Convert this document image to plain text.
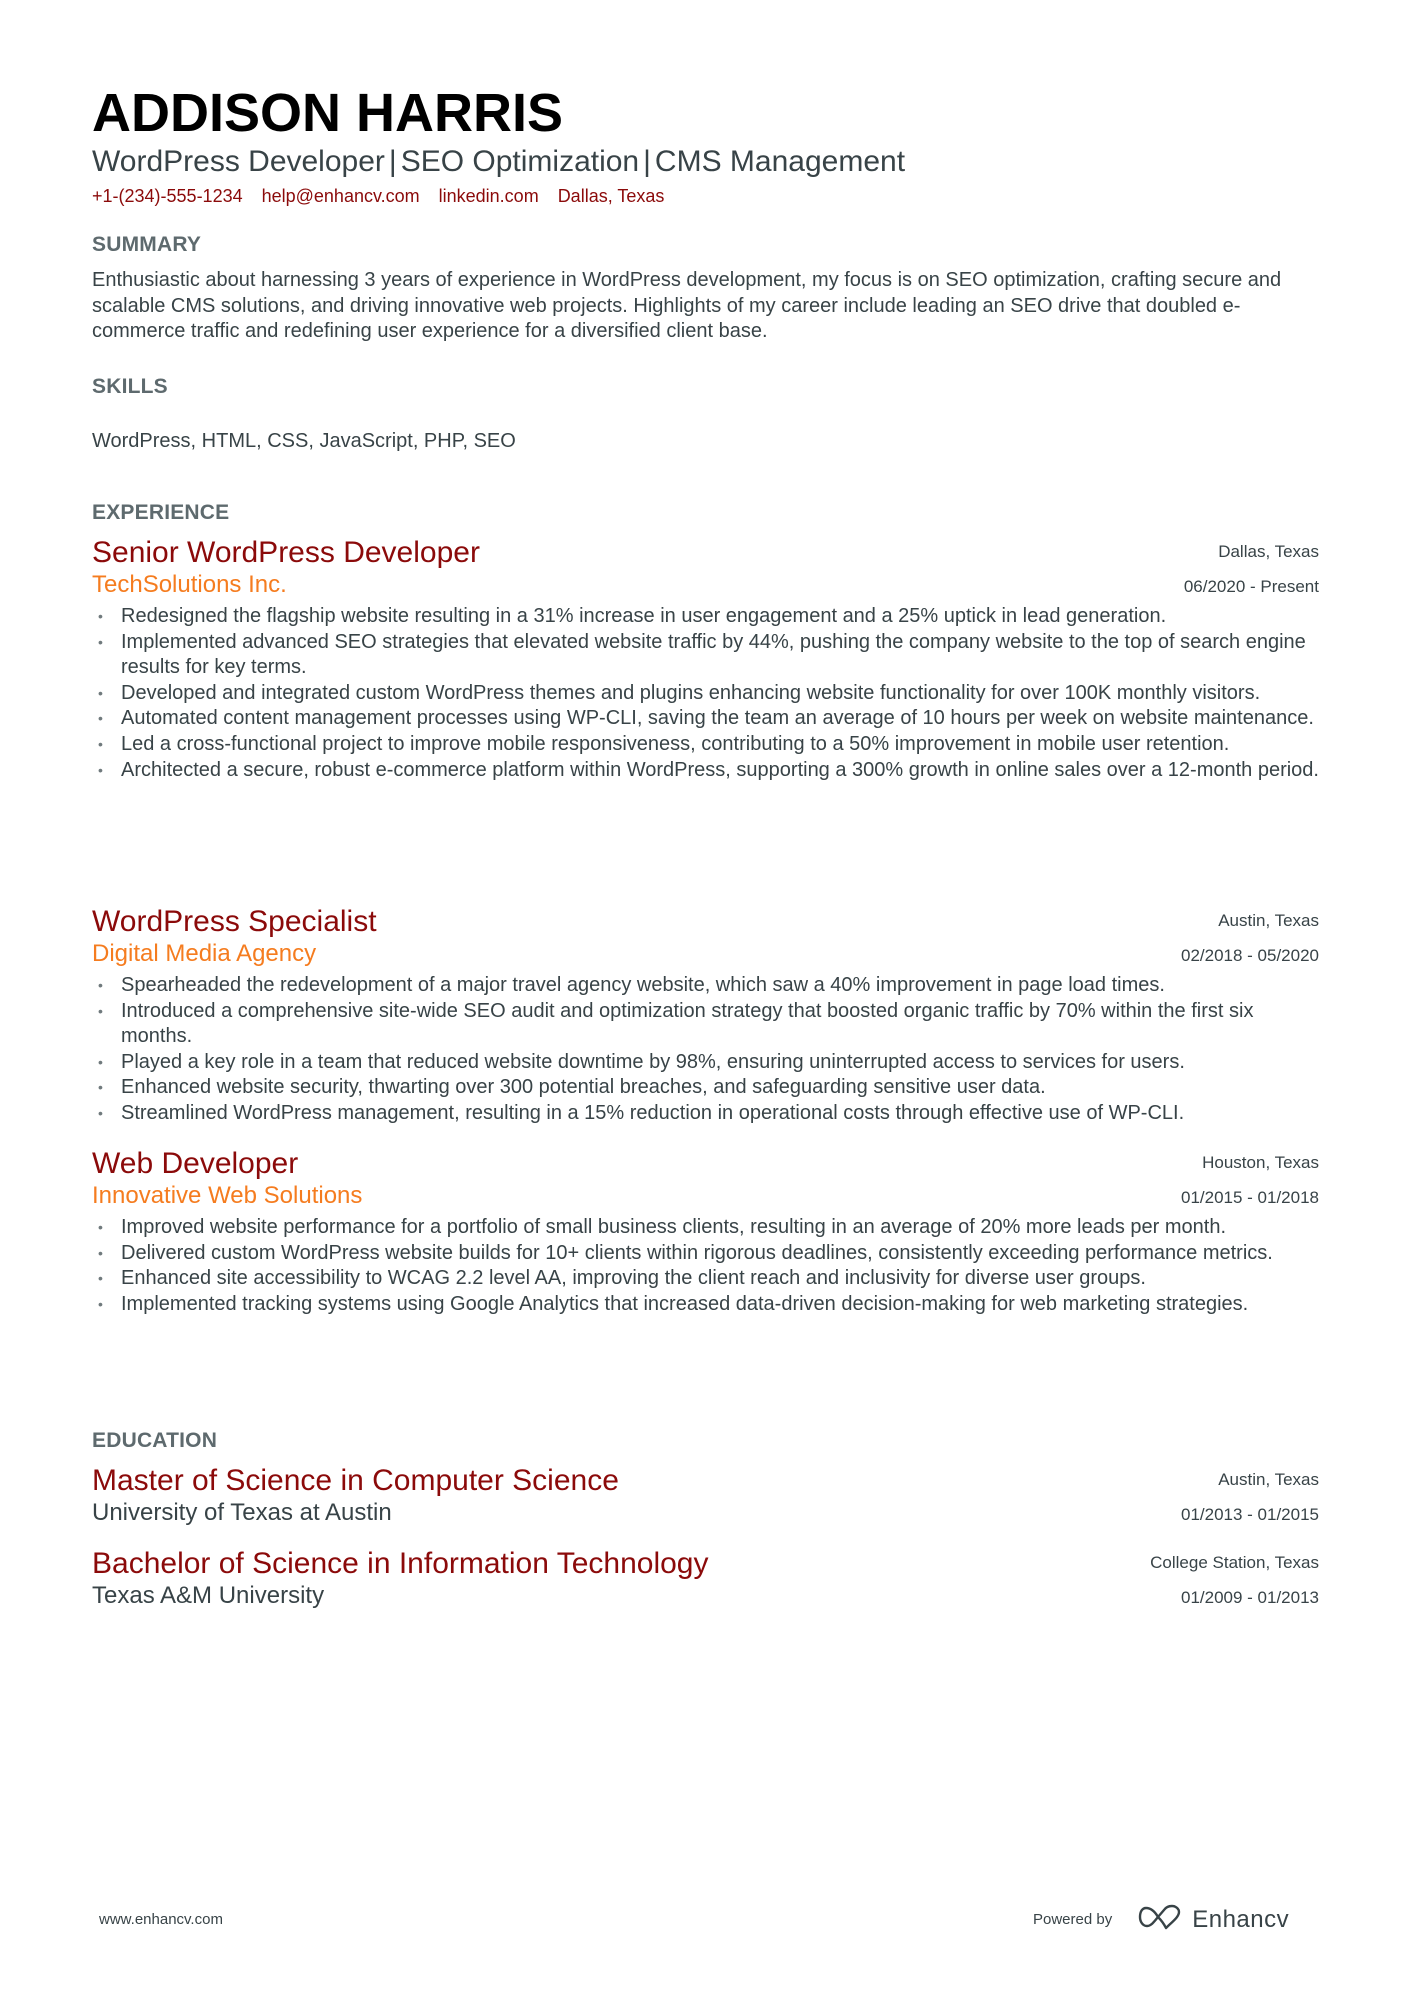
ADDISON HARRIS
WordPress Developer | SEO Optimization | CMS Management
+1-(234)-555-1234 help@enhancv.com linkedin.com Dallas, Texas
SUMMARY

Enthusiastic about harnessing 3 years of experience in WordPress development, my focus is on SEO optimization, crafting secure and scalable CMS solutions, and driving innovative web projects. Highlights of my career include leading an SEO drive that doubled e-commerce traffic and redefining user experience for a diversified client base.

SKILLS
WordPress, HTML, CSS, JavaScript, PHP, SEO
EXPERIENCE
Senior WordPress Developer
TechSolutions Inc.
Dallas, Texas
06/2020 - Present
• Redesigned the flagship website resulting in a 31% increase in user engagement and a 25% uptick in lead generation.
• Implemented advanced SEO strategies that elevated website traffic by 44%, pushing the company website to the top of search engine results for key terms.
• Developed and integrated custom WordPress themes and plugins enhancing website functionality for over 100K monthly visitors.
• Automated content management processes using WP-CLI, saving the team an average of 10 hours per week on website maintenance.
• Led a cross-functional project to improve mobile responsiveness, contributing to a 50% improvement in mobile user retention.
• Architected a secure, robust e-commerce platform within WordPress, supporting a 300% growth in online sales over a 12-month period.
WordPress Specialist
Digital Media Agency
Austin, Texas
02/2018 - 05/2020
• Spearheaded the redevelopment of a major travel agency website, which saw a 40% improvement in page load times.
• Introduced a comprehensive site-wide SEO audit and optimization strategy that boosted organic traffic by 70% within the first six months.
• Played a key role in a team that reduced website downtime by 98%, ensuring uninterrupted access to services for users.
• Enhanced website security, thwarting over 300 potential breaches, and safeguarding sensitive user data.
• Streamlined WordPress management, resulting in a 15% reduction in operational costs through effective use of WP-CLI.
Web Developer
Innovative Web Solutions
Houston, Texas
01/2015 - 01/2018
• Improved website performance for a portfolio of small business clients, resulting in an average of 20% more leads per month.
• Delivered custom WordPress website builds for 10+ clients within rigorous deadlines, consistently exceeding performance metrics.
• Enhanced site accessibility to WCAG 2.2 level AA, improving the client reach and inclusivity for diverse user groups.
• Implemented tracking systems using Google Analytics that increased data-driven decision-making for web marketing strategies.
EDUCATION
Master of Science in Computer Science
University of Texas at Austin
Austin, Texas
01/2013 - 01/2015
Bachelor of Science in Information Technology
Texas A&M University
College Station, Texas
01/2009 - 01/2013
www.enhancv.com	Powered by	Enhancv
